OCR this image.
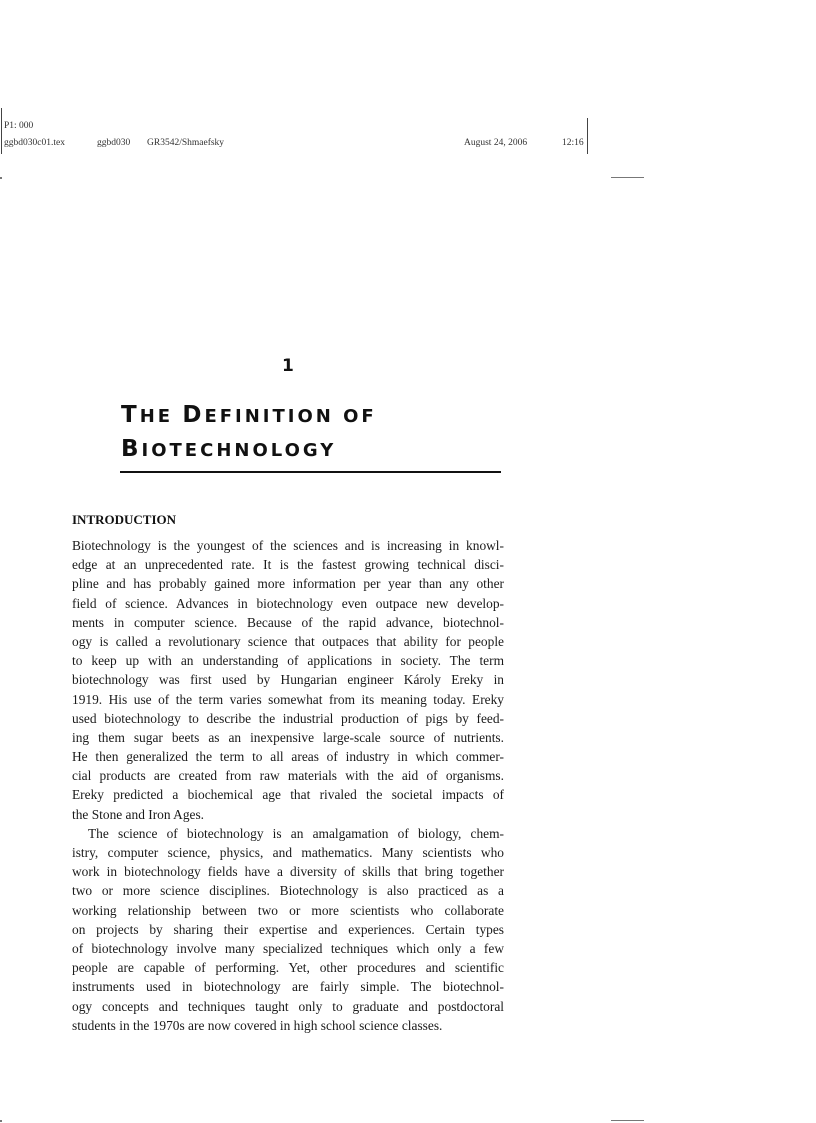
P1: 000
ggbd030c01.tex	ggbd030 GR3542/Shmaefsky	August 24, 2006	12:16
1
THE DEFINITION OF
BIOTECHNOLOGY
INTRODUCTION
Biotechnology is the youngest of the sciences and is increasing in knowl-
edge at an unprecedented rate. It is the fastest growing technical disci-
pline and has probably gained more information per year than any other
field of science. Advances in biotechnology even outpace new develop-
ments in computer science. Because of the rapid advance, biotechnol-
ogy is called a revolutionary science that outpaces that ability for people
to keep up with an understanding of applications in society. The term
biotechnology was first used by Hungarian engineer Károly Ereky in
1919. His use of the term varies somewhat from its meaning today. Ereky
used biotechnology to describe the industrial production of pigs by feed-
ing them sugar beets as an inexpensive large-scale source of nutrients.
He then generalized the term to all areas of industry in which commer-
cial products are created from raw materials with the aid of organisms.
Ereky predicted a biochemical age that rivaled the societal impacts of
the Stone and Iron Ages.
The science of biotechnology is an amalgamation of biology, chem-
istry, computer science, physics, and mathematics. Many scientists who
work in biotechnology fields have a diversity of skills that bring together
two or more science disciplines. Biotechnology is also practiced as a
working relationship between two or more scientists who collaborate
on projects by sharing their expertise and experiences. Certain types
of biotechnology involve many specialized techniques which only a few
people are capable of performing. Yet, other procedures and scientific
instruments used in biotechnology are fairly simple. The biotechnol-
ogy concepts and techniques taught only to graduate and postdoctoral
students in the 1970s are now covered in high school science classes.
